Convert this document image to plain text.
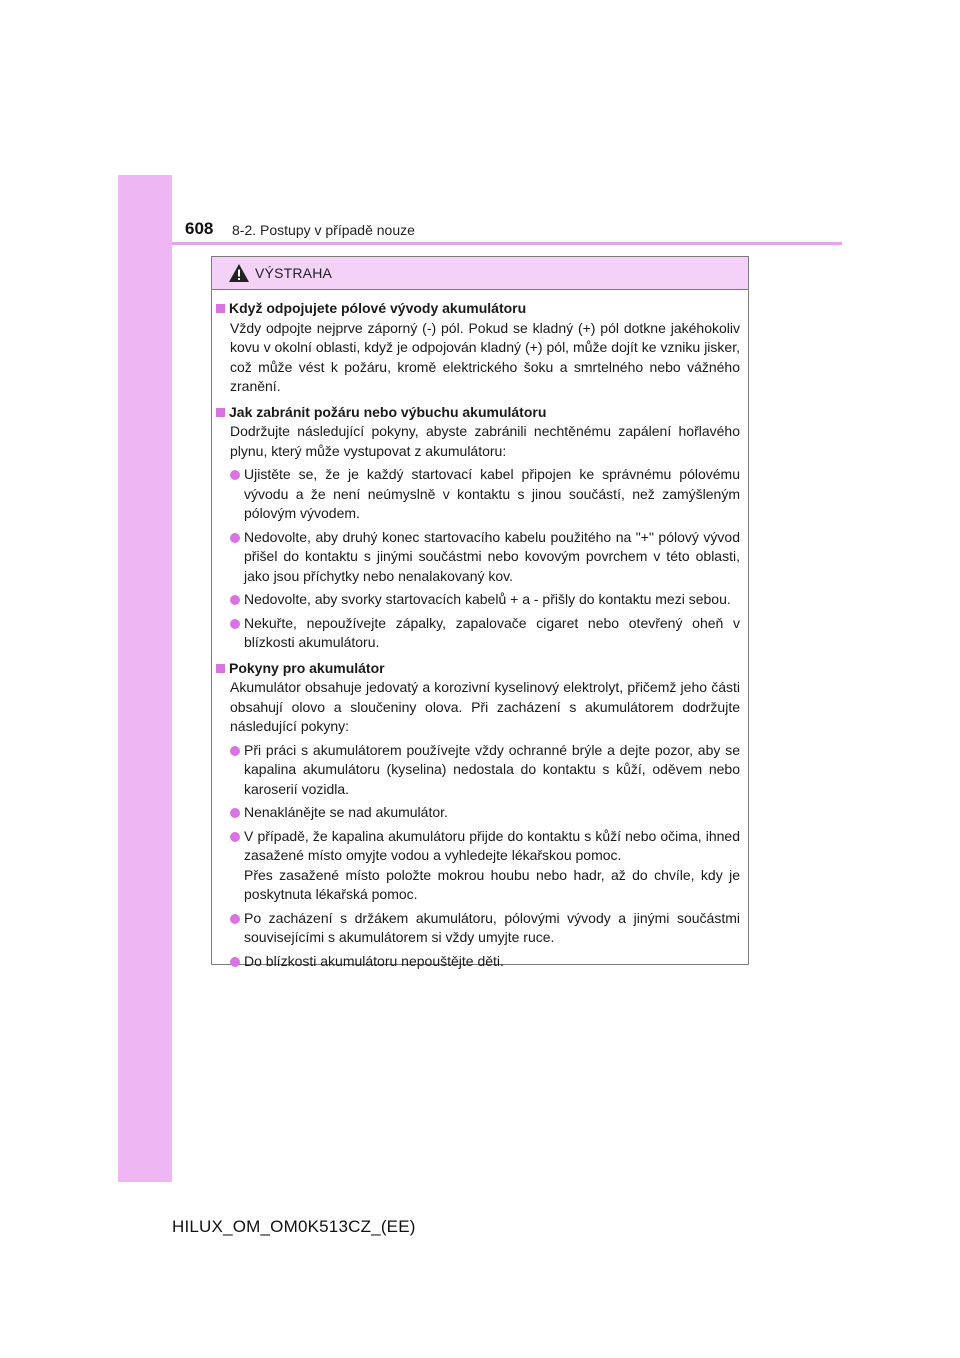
608 8-2. Postupy v případě nouze
VÝSTRAHA
Když odpojujete pólové vývody akumulátoru
Vždy odpojte nejprve záporný (-) pól. Pokud se kladný (+) pól dotkne jakéhokoliv kovu v okolní oblasti, když je odpojován kladný (+) pól, může dojít ke vzniku jisker, což může vést k požáru, kromě elektrického šoku a smrtelného nebo vážného zranění.
Jak zabránit požáru nebo výbuchu akumulátoru
Dodržujte následující pokyny, abyste zabránili nechtěnému zapálení hořlavého plynu, který může vystupovat z akumulátoru:
Ujistěte se, že je každý startovací kabel připojen ke správnému pólovému vývodu a že není neúmyslně v kontaktu s jinou součástí, než zamýšleným pólovým vývodem.
Nedovolte, aby druhý konec startovacího kabelu použitého na "+" pólový vývod přišel do kontaktu s jinými součástmi nebo kovovým povrchem v této oblasti, jako jsou příchytky nebo nenalakovaný kov.
Nedovolte, aby svorky startovacích kabelů + a - přišly do kontaktu mezi sebou.
Nekuřte, nepoužívejte zápalky, zapalovače cigaret nebo otevřený oheň v blízkosti akumulátoru.
Pokyny pro akumulátor
Akumulátor obsahuje jedovatý a korozivní kyselinový elektrolyt, přičemž jeho části obsahují olovo a sloučeniny olova. Při zacházení s akumulátorem dodržujte následující pokyny:
Při práci s akumulátorem používejte vždy ochranné brýle a dejte pozor, aby se kapalina akumulátoru (kyselina) nedostala do kontaktu s kůží, oděvem nebo karoserií vozidla.
Nenaklánějte se nad akumulátor.
V případě, že kapalina akumulátoru přijde do kontaktu s kůží nebo očima, ihned zasažené místo omyjte vodou a vyhledejte lékařskou pomoc.
Přes zasažené místo položte mokrou houbu nebo hadr, až do chvíle, kdy je poskytnuta lékařská pomoc.
Po zacházení s držákem akumulátoru, pólovými vývody a jinými součástmi souvisejícími s akumulátorem si vždy umyjte ruce.
Do blízkosti akumulátoru nepouštějte děti.
HILUX_OM_OM0K513CZ_(EE)
